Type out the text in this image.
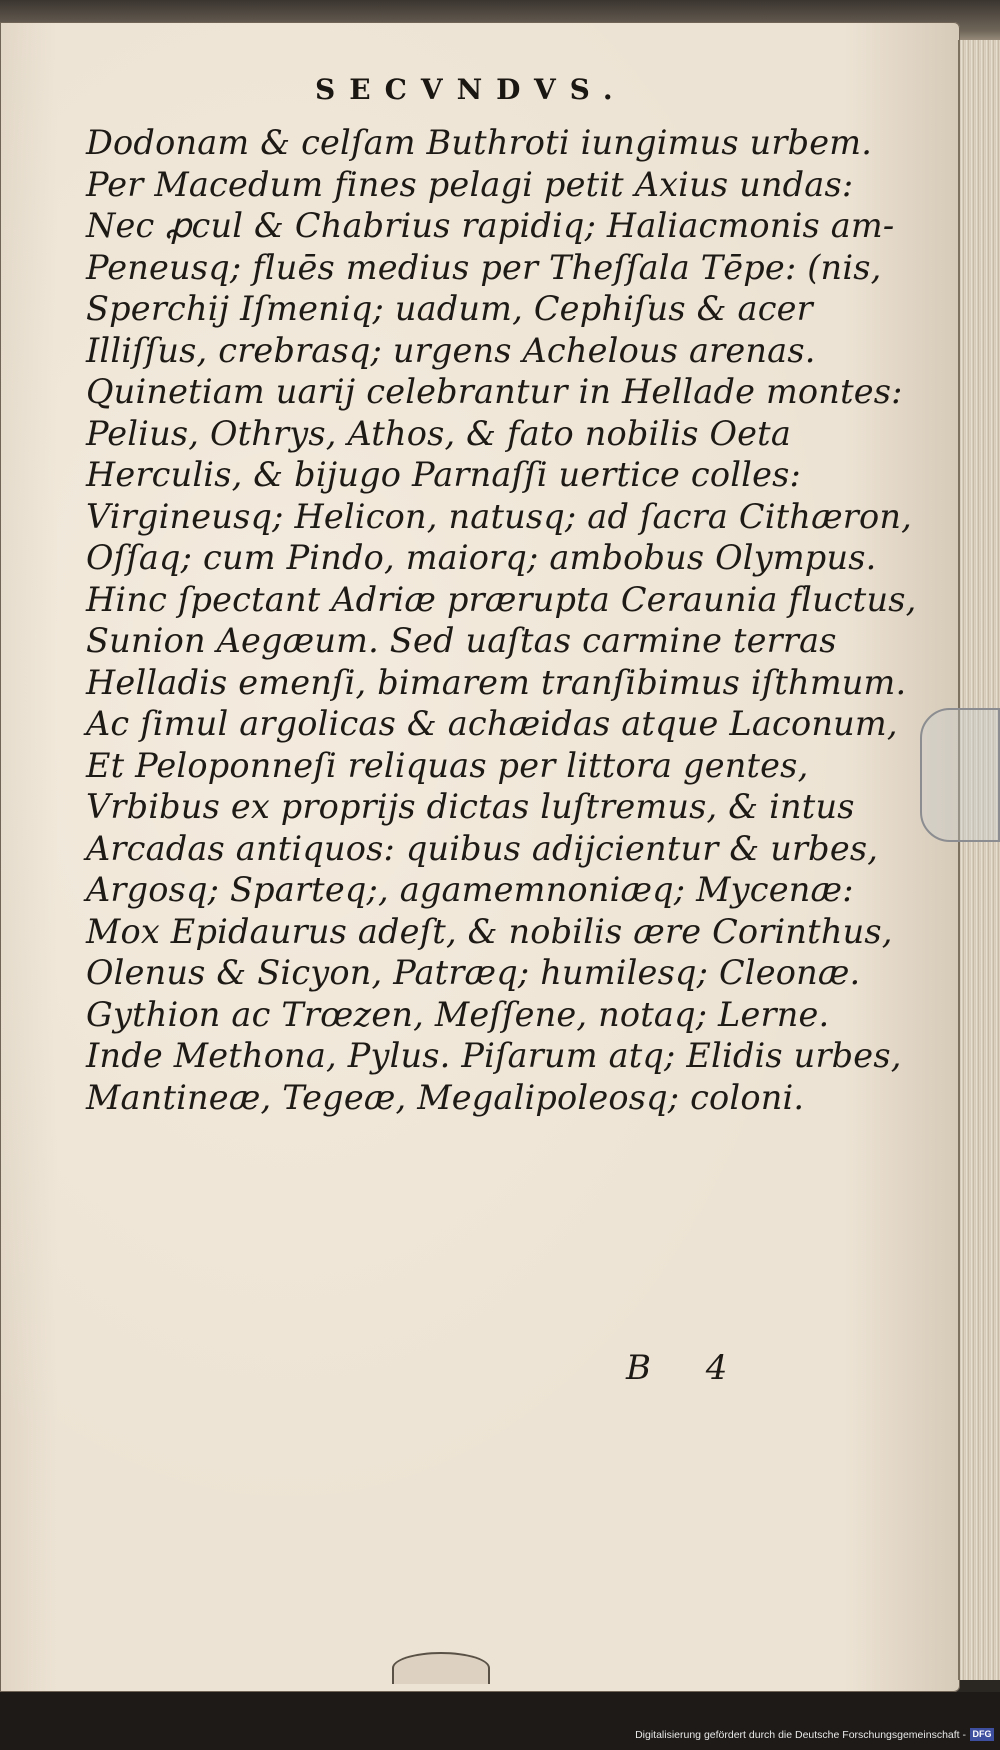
SECVNDVS.
Dodonam & celſam Buthroti iungimus urbem.
Per Macedum fines pelagi petit Axius undas:
Nec ꝓcul & Chabrius rapidiq; Haliacmonis am-
Peneusq; fluēs medius per Theſſala Tēpe: (nis,
Sperchij Iſmeniq; uadum, Cephiſus & acer
Illiſſus, crebrasq; urgens Achelous arenas.
Quinetiam uarij celebrantur in Hellade montes:
Pelius, Othrys, Athos, & fato nobilis Oeta
Herculis, & bijugo Parnaſſi uertice colles:
Virgineusq; Helicon, natusq; ad ſacra Cithæron,
Oſſaq; cum Pindo, maiorq; ambobus Olympus.
Hinc ſpectant Adriæ prærupta Ceraunia fluctus,
Sunion Aegæum. Sed uaſtas carmine terras
Helladis emenſi, bimarem tranſibimus iſthmum.
Ac ſimul argolicas & achæidas atque Laconum,
Et Peloponneſi reliquas per littora gentes,
Vrbibus ex proprijs dictas luſtremus, & intus
Arcadas antiquos: quibus adijcientur & urbes,
Argosq; Sparteq;, agamemnoniæq; Mycenæ:
Mox Epidaurus adeſt, & nobilis ære Corinthus,
Olenus & Sicyon, Patræq; humilesq; Cleonæ.
Gythion ac Trœzen, Meſſene, notaq; Lerne.
Inde Methona, Pylus. Piſarum atq; Elidis urbes,
Mantineæ, Tegeæ, Megalipoleosq; coloni.
B 4
Digitalisierung gefördert durch die Deutsche Forschungsgemeinschaft - DFG
